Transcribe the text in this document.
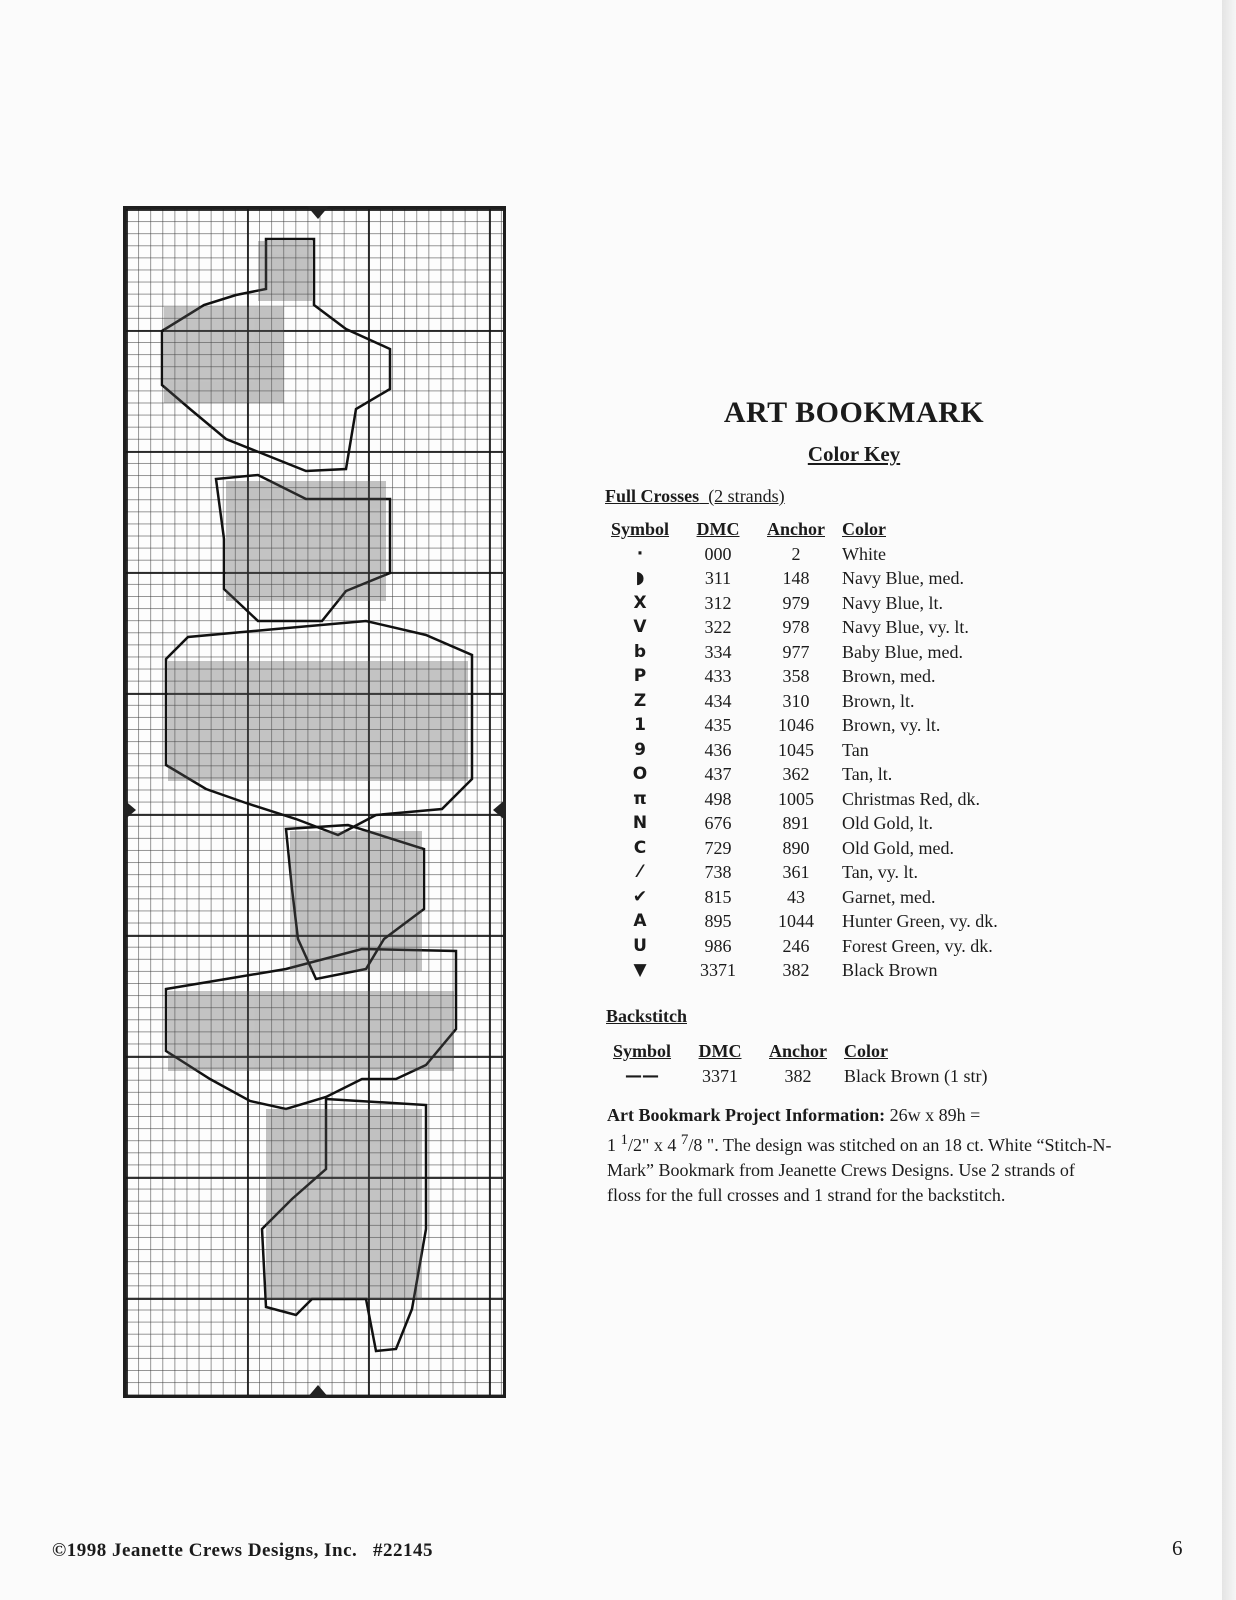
ART BOOKMARK
Color Key
Full Crosses (2 strands)
Symbol	DMC	Anchor	Color
·	000	2	White
◗	311	148	Navy Blue, med.
X	312	979	Navy Blue, lt.
V	322	978	Navy Blue, vy. lt.
b	334	977	Baby Blue, med.
P	433	358	Brown, med.
Z	434	310	Brown, lt.
1	435	1046	Brown, vy. lt.
9	436	1045	Tan
O	437	362	Tan, lt.
π	498	1005	Christmas Red, dk.
N	676	891	Old Gold, lt.
C	729	890	Old Gold, med.
⁄	738	361	Tan, vy. lt.
✔	815	43	Garnet, med.
A	895	1044	Hunter Green, vy. dk.
U	986	246	Forest Green, vy. dk.
▼	3371	382	Black Brown
Backstitch
Symbol	DMC	Anchor	Color
——	3371	382	Black Brown (1 str)
Art Bookmark Project Information: 26w x 89h =
1 $^1$/2" x 4 $^7$/8 ". The design was stitched on an 18 ct. White “Stitch-N-Mark” Bookmark from Jeanette Crews Designs. Use 2 strands of floss for the full crosses and 1 strand for the backstitch.
©1998 Jeanette Crews Designs, Inc. #22145	6
